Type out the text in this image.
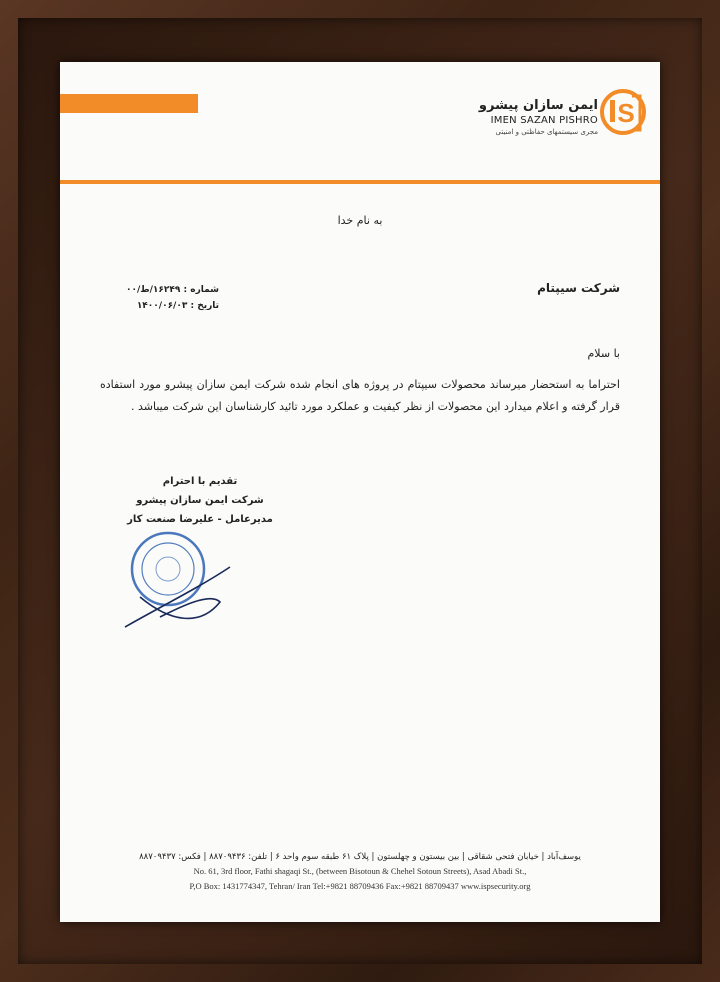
ایمن سازان پیشرو
IMEN SAZAN PISHRO
مجری سیستمهای حفاظتی و امنیتی
S
به نام خدا
شرکت سیپتام
شماره : ۱۶۲۴۹/ط/۰۰
تاریخ : ۱۴۰۰/۰۶/۰۳
با سلام
احتراما به استحضار میرساند محصولات سیپتام در پروژه های انجام شده شرکت ایمن سازان پیشرو مورد استفاده قرار گرفته و اعلام میدارد این محصولات از نظر کیفیت و عملکرد مورد تائید کارشناسان این شرکت میباشد .
تقدیم با احترام
شرکت ایمن سازان پیشرو
مدیرعامل - علیرضا صنعت کار
یوسف‌آباد | خیابان فتحی شقاقی | بین بیستون و چهلستون | پلاک ۶۱ طبقه سوم واحد ۶ | تلفن: ۸۸۷۰۹۴۳۶ | فکس: ۸۸۷۰۹۴۳۷
No. 61, 3rd floor, Fathi shagaqi St., (between Bisotoun & Chehel Sotoun Streets), Asad Abadi St.,
P,O Box: 1431774347, Tehran/ Iran Tel:+9821 88709436 Fax:+9821 88709437 www.ispsecurity.org
